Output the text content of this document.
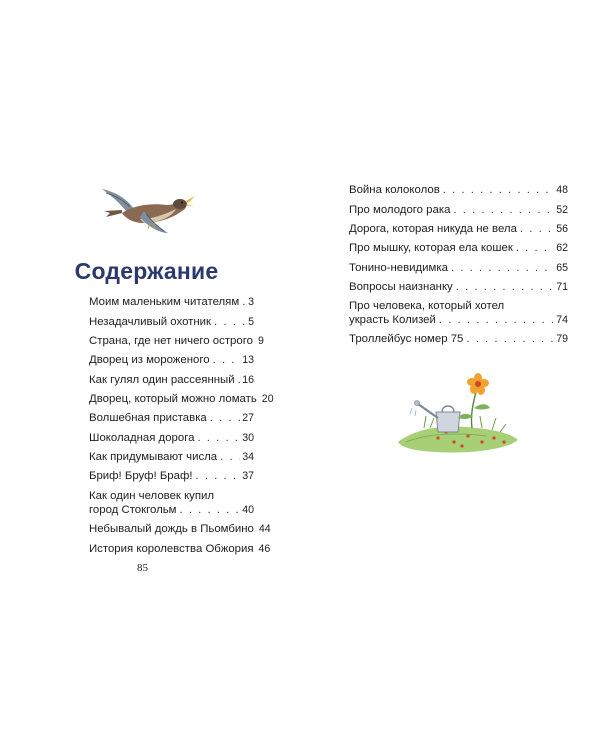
Содержание
Моим маленьким читателям . . . 3
Незадачливый охотник . . .	5
Страна, где нет ничего острого 9
Дворец из мороженого . . .	13
Как гулял один рассеянный . . . 16
Дворец, который можно ломать 20
Волшебная приставка . . .	27
Шоколадная дорога . . .	30
Как придумывают числа . . . 34
Бриф! Бруф! Браф! . . .	37
Как один человек купил
город Стокгольм . . .	40
Небывалый дождь в Пьомбино 44
История королевства Обжория 46
Война колоколов . . .	48
Про молодого рака . . .	52
Дорога, которая никуда не вела . . .	56
Про мышку, которая ела кошек . . .	62
Тонино-невидимка . . .	65
Вопросы наизнанку . . .	71
Про человека, который хотел
украсть Колизей . . .	74
Троллейбус номер 75 . . .	79
85
